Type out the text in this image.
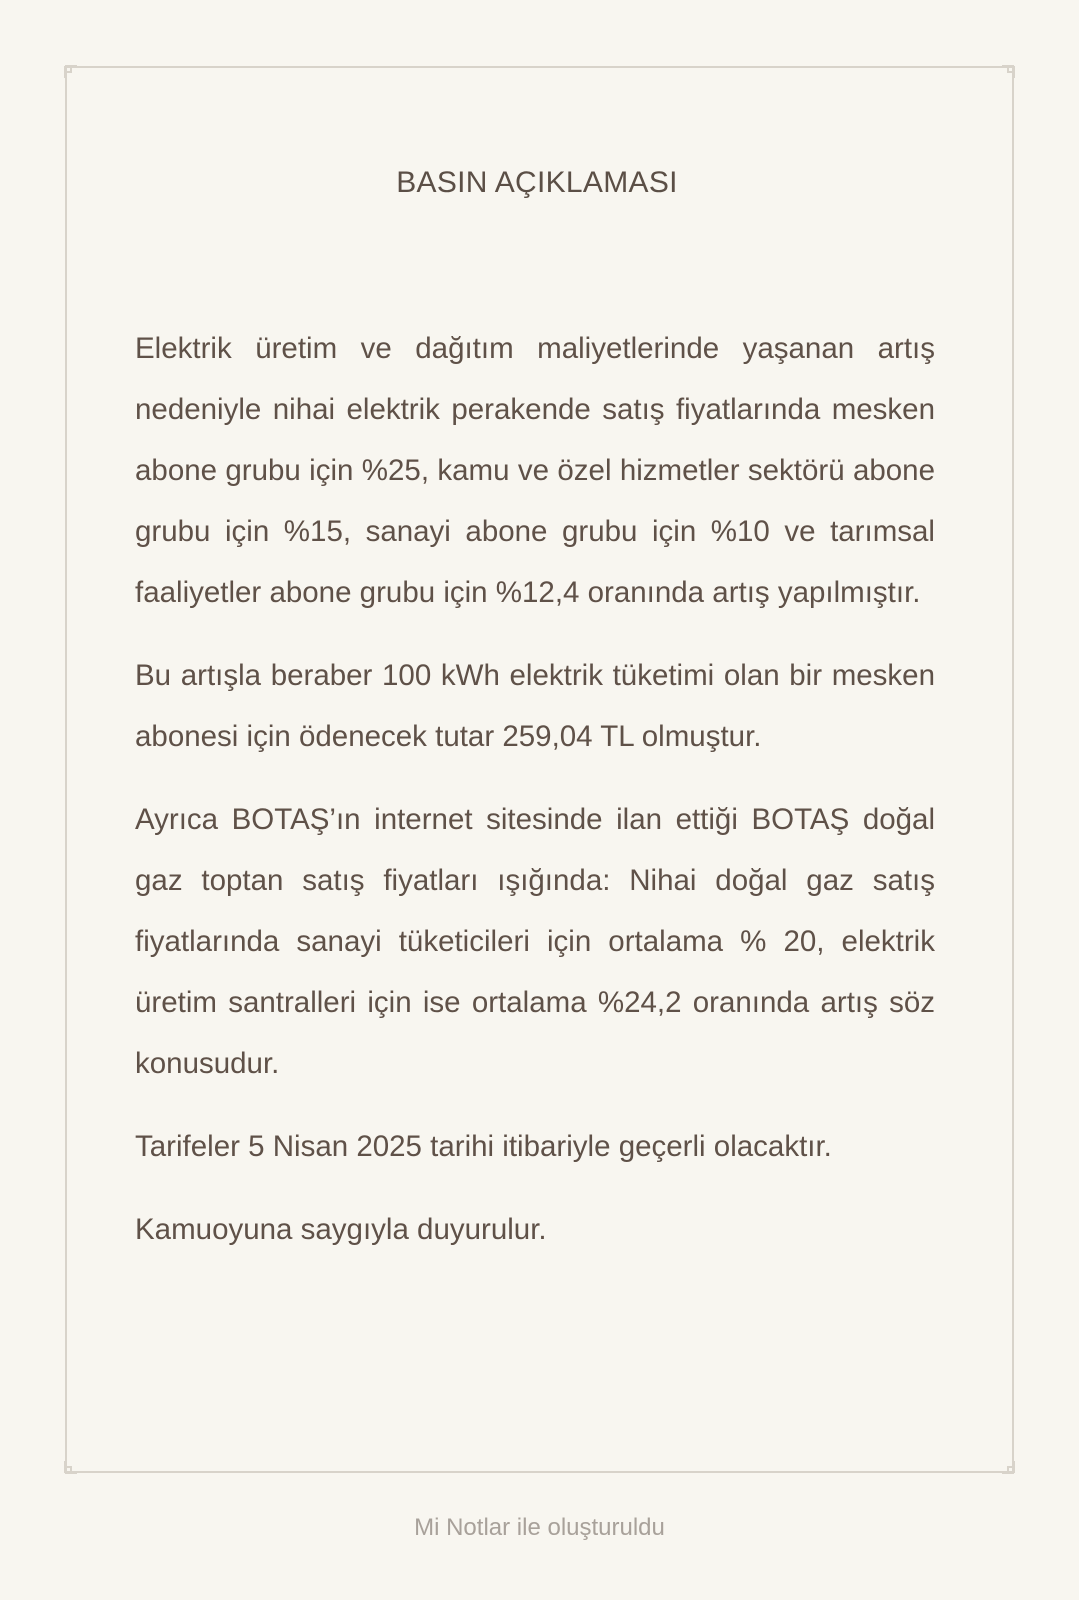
BASIN AÇIKLAMASI

Elektrik üretim ve dağıtım maliyetlerinde yaşanan artış nedeniyle nihai elektrik perakende satış fiyatlarında mesken abone grubu için %25, kamu ve özel hizmetler sektörü abone grubu için %15, sanayi abone grubu için %10 ve tarımsal faaliyetler abone grubu için %12,4 oranında artış yapılmıştır.

Bu artışla beraber 100 kWh elektrik tüketimi olan bir mesken abonesi için ödenecek tutar 259,04 TL olmuştur.

Ayrıca BOTAŞ’ın internet sitesinde ilan ettiği BOTAŞ doğal gaz toptan satış fiyatları ışığında: Nihai doğal gaz satış fiyatlarında sanayi tüketicileri için ortalama % 20, elektrik üretim santralleri için ise ortalama %24,2 oranında artış söz konusudur.

Tarifeler 5 Nisan 2025 tarihi itibariyle geçerli olacaktır.

Kamuoyuna saygıyla duyurulur.

Mi Notlar ile oluşturuldu
